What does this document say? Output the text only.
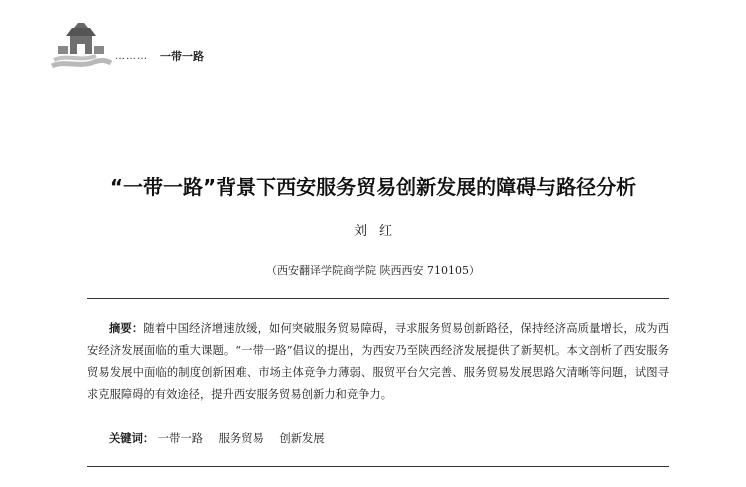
……… 一带一路
“一带一路”背景下西安服务贸易创新发展的障碍与路径分析
刘红
（西安翻译学院商学院 陕西西安 710105）
摘要：随着中国经济增速放缓，如何突破服务贸易障碍，寻求服务贸易创新路径，保持经济高质量增长，成为西安经济发展面临的重大课题。“一带一路”倡议的提出，为西安乃至陕西经济发展提供了新契机。本文剖析了西安服务贸易发展中面临的制度创新困难、市场主体竞争力薄弱、服贸平台欠完善、服务贸易发展思路欠清晰等问题，试图寻求克服障碍的有效途径，提升西安服务贸易创新力和竞争力。
关键词： 一带一路 服务贸易 创新发展
